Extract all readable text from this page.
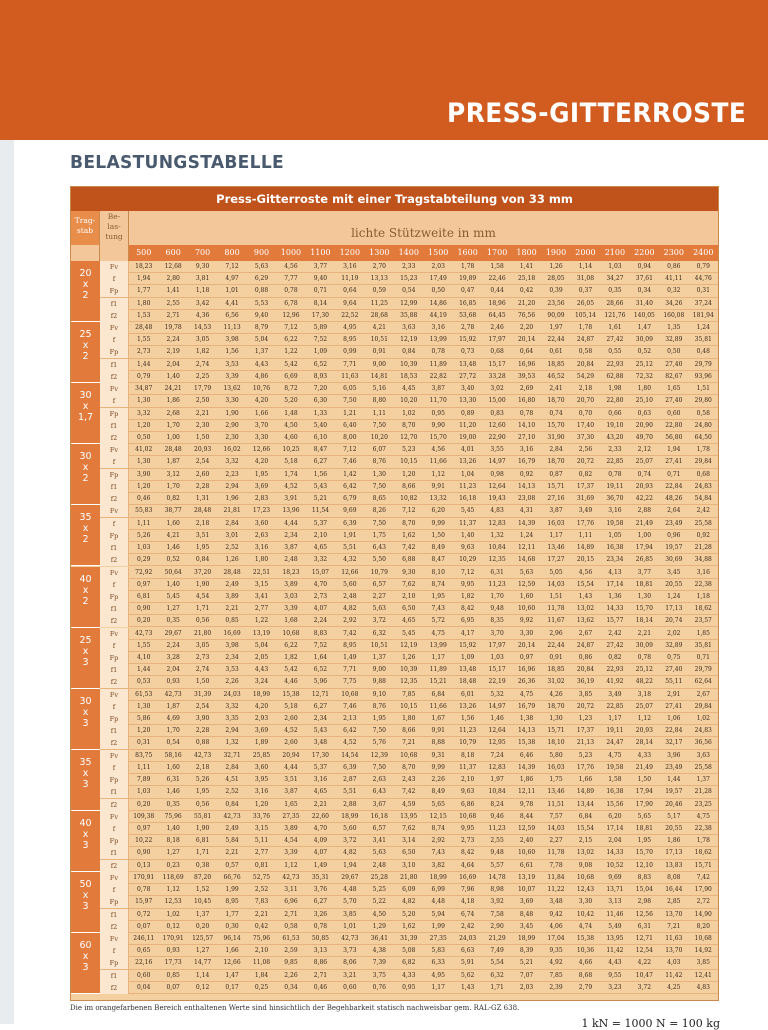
PRESS-GITTERROSTE
BELASTUNGSTABELLE
Press-Gitterroste mit einer Tragstabteilung von 33 mm
Trag-
stab
Be-
las-
tung	lichte Stützweite in mm
500	600	700	800	900	1000	1100	1200	1300	1400	1500	1600	1700	1800	1900	2000	2100	2200	2300	2400
20
x
2
Fv	18,23	12,68	9,30	7,12	5,63	4,56	3,77	3,16	2,70	2,33	2,03	1,78	1,58	1,41	1,26	1,14	1,03	0,94	0,86	0,79
f	1,94	2,80	3,81	4,97	6,29	7,77	9,40	11,19	13,13	15,23	17,49	19,89	22,46	25,18	28,05	31,08	34,27	37,61	41,11	44,76
Fp	1,77	1,41	1,18	1,01	0,88	0,78	0,71	0,64	0,59	0,54	0,50	0,47	0,44	0,42	0,39	0,37	0,35	0,34	0,32	0,31
f1	1,80	2,55	3,42	4,41	5,53	6,78	8,14	9,64	11,25	12,99	14,86	16,85	18,96	21,20	23,56	26,05	28,66	31,40	34,26	37,24
f2	1,53	2,71	4,36	6,56	9,40	12,96	17,30	22,52	28,68	35,88	44,19	53,68	64,45	76,56	90,09	105,14	121,76	140,05	160,08	181,94
25
x
2
Fv	28,48	19,78	14,53	11,13	8,79	7,12	5,89	4,95	4,21	3,63	3,16	2,78	2,46	2,20	1,97	1,78	1,61	1,47	1,35	1,24
f	1,55	2,24	3,05	3,98	5,04	6,22	7,52	8,95	10,51	12,19	13,99	15,92	17,97	20,14	22,44	24,87	27,42	30,09	32,89	35,81
Fp	2,73	2,19	1,82	1,56	1,37	1,22	1,09	0,99	0,91	0,84	0,78	0,73	0,68	0,64	0,61	0,58	0,55	0,52	0,50	0,48
f1	1,44	2,04	2,74	3,53	4,43	5,42	6,52	7,71	9,00	10,39	11,89	13,48	15,17	16,96	18,85	20,84	22,93	25,12	27,40	29,79
f2	0,79	1,40	2,25	3,39	4,86	6,69	8,93	11,63	14,81	18,53	22,82	27,72	33,28	39,53	46,52	54,29	62,88	72,32	82,67	93,96
30
x
1,7
Fv	34,87	24,21	17,79	13,62	10,76	8,72	7,20	6,05	5,16	4,45	3,87	3,40	3,02	2,69	2,41	2,18	1,98	1,80	1,65	1,51
f	1,30	1,86	2,50	3,30	4,20	5,20	6,30	7,50	8,80	10,20	11,70	13,30	15,00	16,80	18,70	20,70	22,80	25,10	27,40	29,80
Fp	3,32	2,68	2,21	1,90	1,66	1,48	1,33	1,21	1,11	1,02	0,95	0,89	0,83	0,78	0,74	0,70	0,66	0,63	0,60	0,58
f1	1,20	1,70	2,30	2,90	3,70	4,50	5,40	6,40	7,50	8,70	9,90	11,20	12,60	14,10	15,70	17,40	19,10	20,90	22,80	24,80
f2	0,50	1,00	1,50	2,30	3,30	4,60	6,10	8,00	10,20	12,70	15,70	19,00	22,90	27,10	31,90	37,30	43,20	49,70	56,80	64,50
30
x
2
Fv	41,02	28,48	20,93	16,02	12,66	10,25	8,47	7,12	6,07	5,23	4,56	4,01	3,55	3,16	2,84	2,56	2,33	2,12	1,94	1,78
f	1,30	1,87	2,54	3,32	4,20	5,18	6,27	7,46	8,76	10,15	11,66	13,26	14,97	16,79	18,70	20,72	22,85	25,07	27,41	29,84
Fp	3,90	3,12	2,60	2,23	1,95	1,74	1,56	1,42	1,30	1,20	1,12	1,04	0,98	0,92	0,87	0,82	0,78	0,74	0,71	0,68
f1	1,20	1,70	2,28	2,94	3,69	4,52	5,43	6,42	7,50	8,66	9,91	11,23	12,64	14,13	15,71	17,37	19,11	20,93	22,84	24,83
f2	0,46	0,82	1,31	1,96	2,83	3,91	5,21	6,79	8,65	10,82	13,32	16,18	19,43	23,08	27,16	31,69	36,70	42,22	48,26	54,84
35
x
2
Fv	55,83	38,77	28,48	21,81	17,23	13,96	11,54	9,69	8,26	7,12	6,20	5,45	4,83	4,31	3,87	3,49	3,16	2,88	2,64	2,42
f	1,11	1,60	2,18	2,84	3,60	4,44	5,37	6,39	7,50	8,70	9,99	11,37	12,83	14,39	16,03	17,76	19,58	21,49	23,49	25,58
Fp	5,26	4,21	3,51	3,01	2,63	2,34	2,10	1,91	1,75	1,62	1,50	1,40	1,32	1,24	1,17	1,11	1,05	1,00	0,96	0,92
f1	1,03	1,46	1,95	2,52	3,16	3,87	4,65	5,51	6,43	7,42	8,49	9,63	10,84	12,11	13,46	14,89	16,38	17,94	19,57	21,28
f2	0,29	0,52	0,84	1,26	1,80	2,48	3,32	4,32	5,50	6,88	8,47	10,29	12,35	14,68	17,27	20,15	23,34	26,85	30,69	34,88
40
x
2
Fv	72,92	50,64	37,20	28,48	22,51	18,23	15,07	12,66	10,79	9,30	8,10	7,12	6,31	5,63	5,05	4,56	4,13	3,77	3,45	3,16
f	0,97	1,40	1,90	2,49	3,15	3,89	4,70	5,60	6,57	7,62	8,74	9,95	11,23	12,59	14,03	15,54	17,14	18,81	20,55	22,38
Fp	6,81	5,45	4,54	3,89	3,41	3,03	2,73	2,48	2,27	2,10	1,95	1,82	1,70	1,60	1,51	1,43	1,36	1,30	1,24	1,18
f1	0,90	1,27	1,71	2,21	2,77	3,39	4,07	4,82	5,63	6,50	7,43	8,42	9,48	10,60	11,78	13,02	14,33	15,70	17,13	18,62
f2	0,20	0,35	0,56	0,85	1,22	1,68	2,24	2,92	3,72	4,65	5,72	6,95	8,35	9,92	11,67	13,62	15,77	18,14	20,74	23,57
25
x
3
Fv	42,73	29,67	21,80	16,69	13,19	10,68	8,83	7,42	6,32	5,45	4,75	4,17	3,70	3,30	2,96	2,67	2,42	2,21	2,02	1,85
f	1,55	2,24	3,05	3,98	5,04	6,22	7,52	8,95	10,51	12,19	13,99	15,92	17,97	20,14	22,44	24,87	27,42	30,09	32,89	35,81
Fp	4,10	3,28	2,73	2,34	2,05	1,82	1,64	1,49	1,37	1,26	1,17	1,09	1,03	0,97	0,91	0,86	0,82	0,78	0,75	0,71
f1	1,44	2,04	2,74	3,53	4,43	5,42	6,52	7,71	9,00	10,39	11,89	13,48	15,17	16,96	18,85	20,84	22,93	25,12	27,40	29,79
f2	0,53	0,93	1,50	2,26	3,24	4,46	5,96	7,75	9,88	12,35	15,21	18,48	22,19	26,36	31,02	36,19	41,92	48,22	55,11	62,64
30
x
3
Fv	61,53	42,73	31,39	24,03	18,99	15,38	12,71	10,68	9,10	7,85	6,84	6,01	5,32	4,75	4,26	3,85	3,49	3,18	2,91	2,67
f	1,30	1,87	2,54	3,32	4,20	5,18	6,27	7,46	8,76	10,15	11,66	13,26	14,97	16,79	18,70	20,72	22,85	25,07	27,41	29,84
Fp	5,86	4,69	3,90	3,35	2,93	2,60	2,34	2,13	1,95	1,80	1,67	1,56	1,46	1,38	1,30	1,23	1,17	1,12	1,06	1,02
f1	1,20	1,70	2,28	2,94	3,69	4,52	5,43	6,42	7,50	8,66	9,91	11,23	12,64	14,13	15,71	17,37	19,11	20,93	22,84	24,83
f2	0,31	0,54	0,88	1,32	1,89	2,60	3,48	4,52	5,76	7,21	8,88	10,79	12,95	15,38	18,10	21,13	24,47	28,14	32,17	36,56
35
x
3
Fv	83,75	58,16	42,73	32,71	25,85	20,94	17,30	14,54	12,39	10,68	9,31	8,18	7,24	6,46	5,80	5,23	4,75	4,33	3,96	3,63
f	1,11	1,60	2,18	2,84	3,60	4,44	5,37	6,39	7,50	8,70	9,99	11,37	12,83	14,39	16,03	17,76	19,58	21,49	23,49	25,58
Fp	7,89	6,31	5,26	4,51	3,95	3,51	3,16	2,87	2,63	2,43	2,26	2,10	1,97	1,86	1,75	1,66	1,58	1,50	1,44	1,37
f1	1,03	1,46	1,95	2,52	3,16	3,87	4,65	5,51	6,43	7,42	8,49	9,63	10,84	12,11	13,46	14,89	16,38	17,94	19,57	21,28
f2	0,20	0,35	0,56	0,84	1,20	1,65	2,21	2,88	3,67	4,59	5,65	6,86	8,24	9,78	11,51	13,44	15,56	17,90	20,46	23,25
40
x
3
Fv	109,38	75,96	55,81	42,73	33,76	27,35	22,60	18,99	16,18	13,95	12,15	10,68	9,46	8,44	7,57	6,84	6,20	5,65	5,17	4,75
f	0,97	1,40	1,90	2,49	3,15	3,89	4,70	5,60	6,57	7,62	8,74	9,95	11,23	12,59	14,03	15,54	17,14	18,81	20,55	22,38
Fp	10,22	8,18	6,81	5,84	5,11	4,54	4,09	3,72	3,41	3,14	2,92	2,73	2,55	2,40	2,27	2,15	2,04	1,95	1,86	1,78
f1	0,90	1,27	1,71	2,21	2,77	3,39	4,07	4,82	5,63	6,50	7,43	8,42	9,48	10,60	11,78	13,02	14,33	15,70	17,13	18,62
f2	0,13	0,23	0,38	0,57	0,81	1,12	1,49	1,94	2,48	3,10	3,82	4,64	5,57	6,61	7,78	9,08	10,52	12,10	13,83	15,71
50
x
3
Fv	170,91	118,69	87,20	66,76	52,75	42,73	35,31	29,67	25,28	21,80	18,99	16,69	14,78	13,19	11,84	10,68	9,69	8,83	8,08	7,42
f	0,78	1,12	1,52	1,99	2,52	3,11	3,76	4,48	5,25	6,09	6,99	7,96	8,98	10,07	11,22	12,43	13,71	15,04	16,44	17,90
Fp	15,97	12,53	10,45	8,95	7,83	6,96	6,27	5,70	5,22	4,82	4,48	4,18	3,92	3,69	3,48	3,30	3,13	2,98	2,85	2,72
f1	0,72	1,02	1,37	1,77	2,21	2,71	3,26	3,85	4,50	5,20	5,94	6,74	7,58	8,48	9,42	10,42	11,46	12,56	13,70	14,90
f2	0,07	0,12	0,20	0,30	0,42	0,58	0,78	1,01	1,29	1,62	1,99	2,42	2,90	3,45	4,06	4,74	5,49	6,31	7,21	8,20
60
x
3
Fv	246,11	170,91	125,57	96,14	75,96	61,53	50,85	42,73	36,41	31,39	27,35	24,03	21,29	18,99	17,04	15,38	13,95	12,71	11,63	10,68
f	0,65	0,93	1,27	1,66	2,10	2,59	3,13	3,73	4,38	5,08	5,83	6,63	7,49	8,39	9,35	10,36	11,42	12,54	13,70	14,92
Fp	22,16	17,73	14,77	12,66	11,08	9,85	8,86	8,06	7,39	6,82	6,33	5,91	5,54	5,21	4,92	4,66	4,43	4,22	4,03	3,85
f1	0,60	0,85	1,14	1,47	1,84	2,26	2,71	3,21	3,75	4,33	4,95	5,62	6,32	7,07	7,85	8,68	9,55	10,47	11,42	12,41
f2	0,04	0,07	0,12	0,17	0,25	0,34	0,46	0,60	0,76	0,95	1,17	1,43	1,71	2,03	2,39	2,79	3,23	3,72	4,25	4,83
Die im orangefarbenen Bereich enthaltenen Werte sind hinsichtlich der Begehbarkeit statisch nachweisbar gem. RAL-GZ 638.
1 kN = 1000 N = 100 kg
